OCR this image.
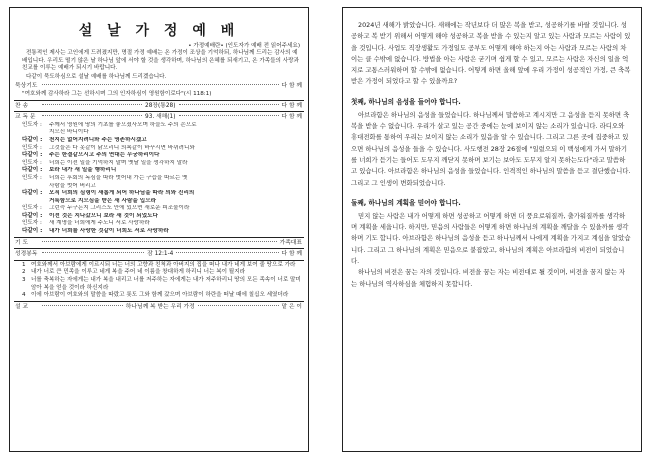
설 날 가 정 예 배
• 가정예배란• (인도자가 예배 전 읽어주세요)
전통적인 제사는 고인에게 드려졌지만, 명절 가정 예배는 온 가정이 조상을 기억하되, 하나님께 드리는 감사의 예배입니다. 우리도 떨기 않은 날 하나님 앞에 서야 할 것을 생각하며, 하나님의 은혜를 되새기고, 온 가족들의 사랑과 친교를 이루는 예배가 되시기 바랍니다.
다같이 묵도하심으로 설날 예배를 하나님께 드리겠습니다.
묵상기도	다 함 께
"여호와께 감사하라 그는 선하시며 그의 인자하심이 영원함이로다"(시 118:1)
찬 송	28장(통28)	다 함 께
교 독 문	93. 새해(1)	다 함 께
인도자 :	주께서 영원에 땅의 기초를 놓으셨사오며 하늘도 주의 손으로
지으신 바니이다
다같이 :	천지는 없어지려니와 주는 영존하시겠고
인도자 :	그것들은 다 옷같이 낡으리니 의복같이 바꾸시면 바뀌려니와
다같이 :	주는 한결같으시고 주의 연대는 무궁하리이다
인도자 :	너희는 이전 일을 기억하지 말며 옛날 일을 생각하지 말라
다같이 :	보라 내가 새 일을 행하리니
인도자 :	너희는 후회의 독심을 따라 벗어내 가는 구습을 따르는 옛
사람을 벗어 버리고
다같이 :	오직 너희의 심령이 새롭게 되어 하나님을 따라 의와 진리의
거룩함으로 지으심을 받은 새 사람을 입으라
인도자 :	그런즉 누구든지 그리스도 안에 있으면 새로운 피조물이라
다같이 :	이전 것은 지나갔으니 보라 새 것이 되었도다
인도자 :	새 계명을 너희에게 주노니 서로 사랑하라
다같이 :	내가 너희를 사랑한 것같이 너희도 서로 사랑하라
기 도	가족대표
성경봉독	잠 12:1-4	다 함 께
1 여호와께서 아브람에게 이르시되 너는 너의 고향과 친척과 아버지의 집을 떠나 내가 네게 보여 줄 땅으로 가라
2 내가 너로 큰 민족을 이루고 네게 복을 주어 네 이름을 창대하게 하리니 너는 복이 될지라
3 너를 축복하는 자에게는 내가 복을 내리고 너를 저주하는 자에게는 내가 저주하리니 땅의 모든 족속이 너로 말미암아 복을 얻을 것이라 하신지라
4 이에 아브람이 여호와의 말씀을 따랐고 롯도 그와 함께 갔으며 아브람이 하란을 떠날 때에 칠십오 세였더라
설 교	하나님께 복 받는 우리 가정	맡 은 이

2024년 새해가 밝았습니다. 새해에는 작년보다 더 많은 복을 받고, 성공하기를 바랄 것입니다. 성공하고 복 받기 위해서 어떻게 해야 성공하고 복을 받을 수 있는지 알고 있는 사람과 모르는 사람이 있을 것입니다. 사업도 직장생활도 가정일도 공부도 어떻게 해야 하는지 아는 사람과 모르는 사람의 차이는 클 수밖에 없습니다. 방법을 아는 사람은 굳기며 쉽게 할 수 있고, 모르는 사람은 자신의 일을 억지로 고통스러워하며 할 수밖에 없습니다. 어떻게 하면 올해 앞에 우리 가정이 성공적인 가정, 큰 축복받은 가정이 되었다고 할 수 있을까요?

첫째, 하나님의 음성을 들어야 합니다.

아브라함은 하나님의 음성을 들었습니다. 하나님께서 말씀하고 계시지만 그 음성을 듣지 못하면 축복을 받을 수 없습니다. 우리가 살고 있는 공간 중에는 눈에 보이지 않는 소리가 있습니다. 라디오와 휴대전화를 통하여 우리는 보이지 않는 소리가 있음을 알 수 있습니다. 그리고 그른 곳에 집중하고 있으면 하나님의 음성을 들을 수 있습니다. 사도행전 28장 26절에 "일렀으되 이 백성에게 가서 말하기를 너희가 듣기는 들어도 도무지 깨닫지 못하며 보기는 보아도 도무지 알지 못하는도다"라고 말씀하고 있습니다. 아브라함은 하나님의 음성을 들었습니다. 인격적인 하나님의 말씀을 듣고 결단했습니다. 그리고 그 인생이 변화되었습니다.

둘째, 하나님의 계획을 믿어야 합니다.

믿지 않는 사람은 내가 어떻게 하면 성공하고 어떻게 하면 더 풍요로워질까, 출가워질까를 생각하며 계획을 세웁니다. 하지만, 믿음의 사람들은 어떻게 하면 하나님의 계획을 깨달을 수 있을까를 생각하며 기도 합니다. 아브라함은 하나님의 음성을 듣고 하나님께서 나에게 계획을 가지고 계심을 알았습니다. 그리고 그 하나님의 계획은 믿음으로 붙잡았고, 하나님의 계획은 아브라함의 비전이 되었습니다.

하나님의 비전은 꿈는 자의 것입니다. 비전을 꿈는 자는 비전대로 될 것이며, 비전을 꿈지 않는 자는 하나님의 역사하심을 체험하지 못합니다.
